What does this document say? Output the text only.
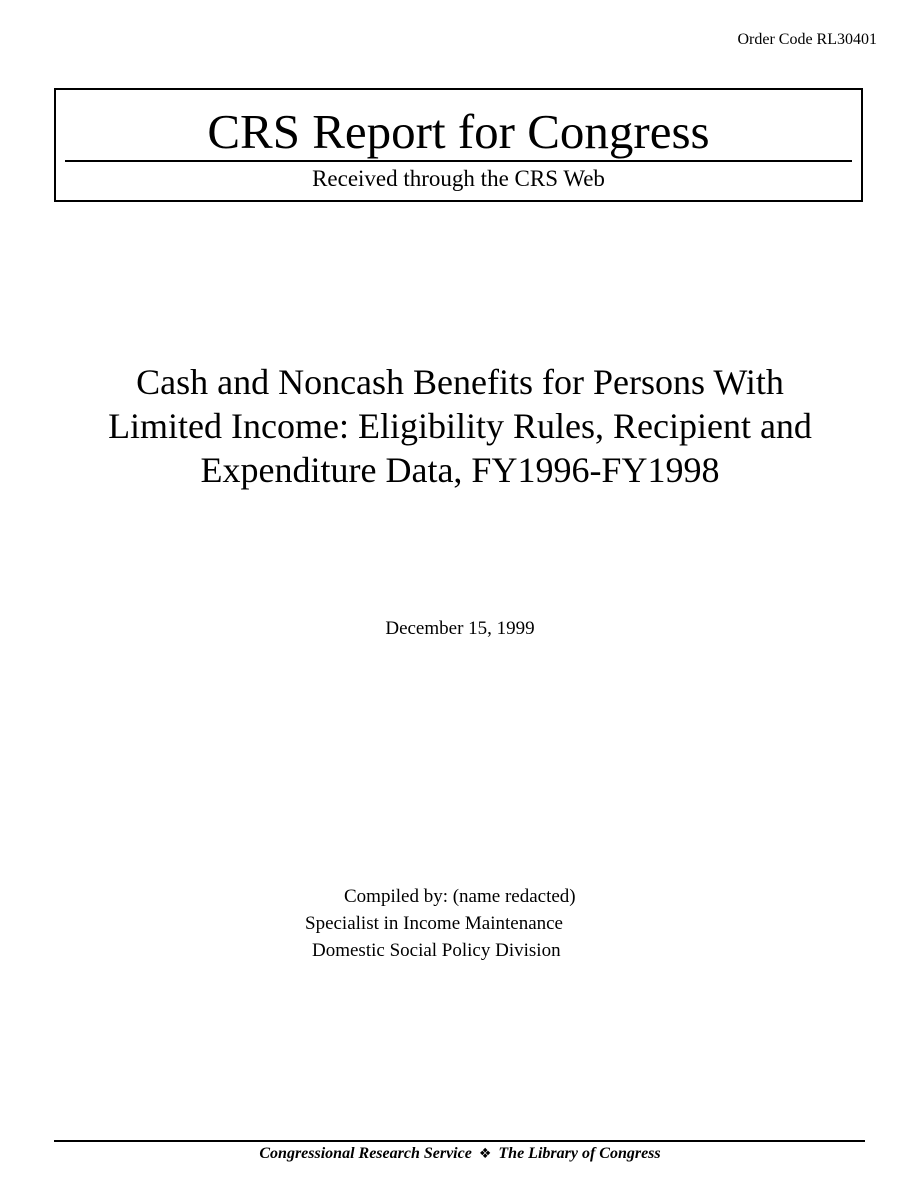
Order Code RL30401
CRS Report for Congress
Received through the CRS Web
Cash and Noncash Benefits for Persons With
Limited Income: Eligibility Rules, Recipient and
Expenditure Data, FY1996-FY1998
December 15, 1999
Compiled by: (name redacted)
Specialist in Income Maintenance
Domestic Social Policy Division
Congressional Research Service ❖ The Library of Congress
